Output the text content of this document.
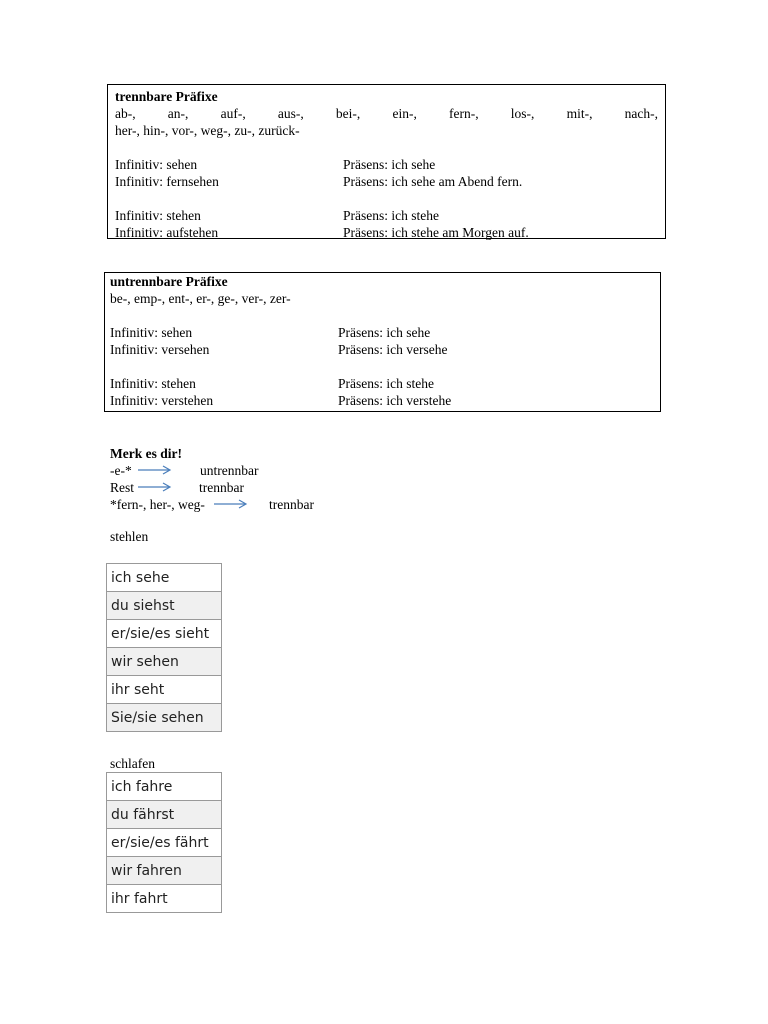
trennbare Präfixe
ab-, an-, auf-, aus-, bei-, ein-, fern-, los-, mit-, nach-,
her-, hin-, vor-, weg-, zu-, zurück-
Infinitiv: sehen	Präsens: ich sehe
Infinitiv: fernsehen	Präsens: ich sehe am Abend fern.
Infinitiv: stehen	Präsens: ich stehe
Infinitiv: aufstehen	Präsens: ich stehe am Morgen auf.
untrennbare Präfixe
be-, emp-, ent-, er-, ge-, ver-, zer-
Infinitiv: sehen	Präsens: ich sehe
Infinitiv: versehen	Präsens: ich versehe
Infinitiv: stehen	Präsens: ich stehe
Infinitiv: verstehen	Präsens: ich verstehe
Merk es dir!
-e-*	untrennbar
Rest	trennbar
*fern-, her-, weg-	trennbar
stehlen
ich sehe
du siehst
er/sie/es sieht
wir sehen
ihr seht
Sie/sie sehen
schlafen
ich fahre
du fährst
er/sie/es fährt
wir fahren
ihr fahrt
